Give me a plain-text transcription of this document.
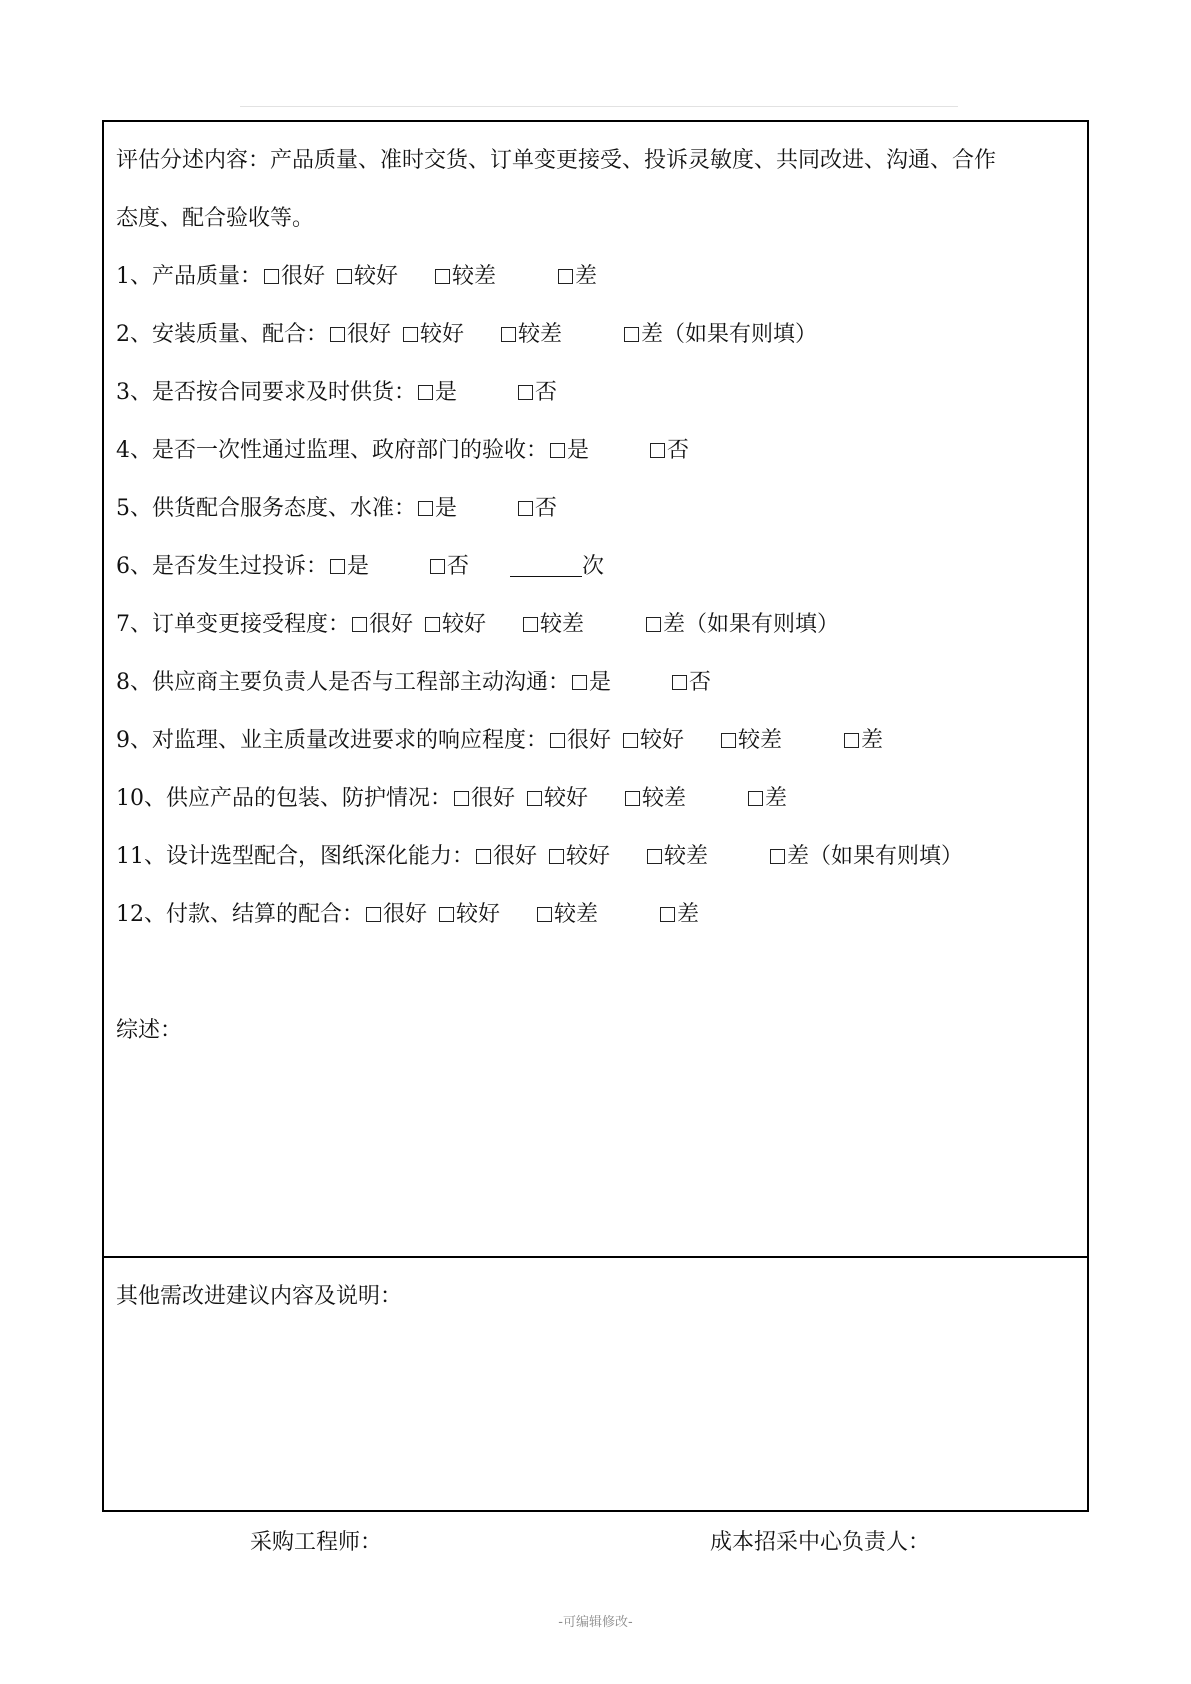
评估分述内容：产品质量、准时交货、订单变更接受、投诉灵敏度、共同改进、沟通、合作
态度、配合验收等。
1、产品质量： 很好	较好	较差	差
2、安装质量、配合： 很好	较好	较差	差（如果有则填）
3、是否按合同要求及时供货： 是	否
4、是否一次性通过监理、政府部门的验收： 是	否
5、供货配合服务态度、水准： 是	否
6、是否发生过投诉： 是	否	次
7、订单变更接受程度： 很好	较好	较差	差（如果有则填）
8、供应商主要负责人是否与工程部主动沟通： 是	否
9、对监理、业主质量改进要求的响应程度： 很好	较好	较差	差
10、供应产品的包装、防护情况： 很好	较好	较差	差
11、设计选型配合，图纸深化能力： 很好	较好	较差	差（如果有则填）
12、付款、结算的配合： 很好	较好	较差	差
综述：
其他需改进建议内容及说明：
采购工程师：	成本招采中心负责人：
-可编辑修改-
